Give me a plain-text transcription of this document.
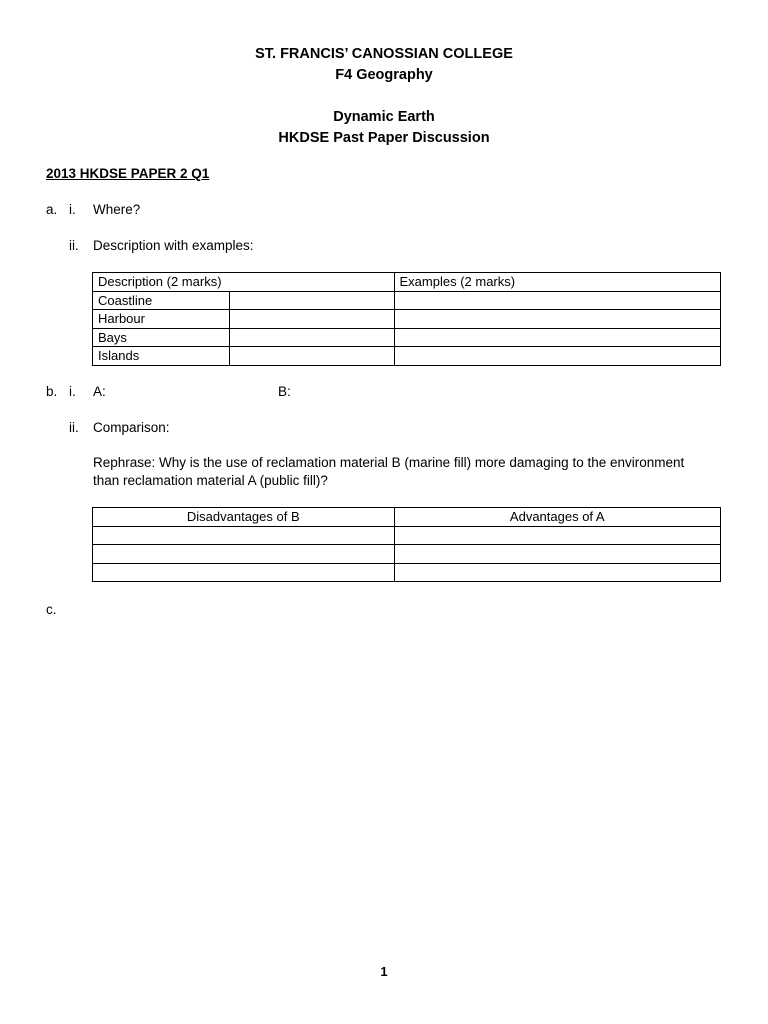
ST. FRANCIS’ CANOSSIAN COLLEGE
F4 Geography
Dynamic Earth
HKDSE Past Paper Discussion
2013 HKDSE PAPER 2 Q1
a. i. Where?
ii. Description with examples:
Description (2 marks)		Examples (2 marks)
Coastline		
Harbour		
Bays		
Islands		
b. i. A:	B:
ii. Comparison:
Rephrase: Why is the use of reclamation material B (marine fill) more damaging to the environment
than reclamation material A (public fill)?
Disadvantages of B	Advantages of A

c.
1
